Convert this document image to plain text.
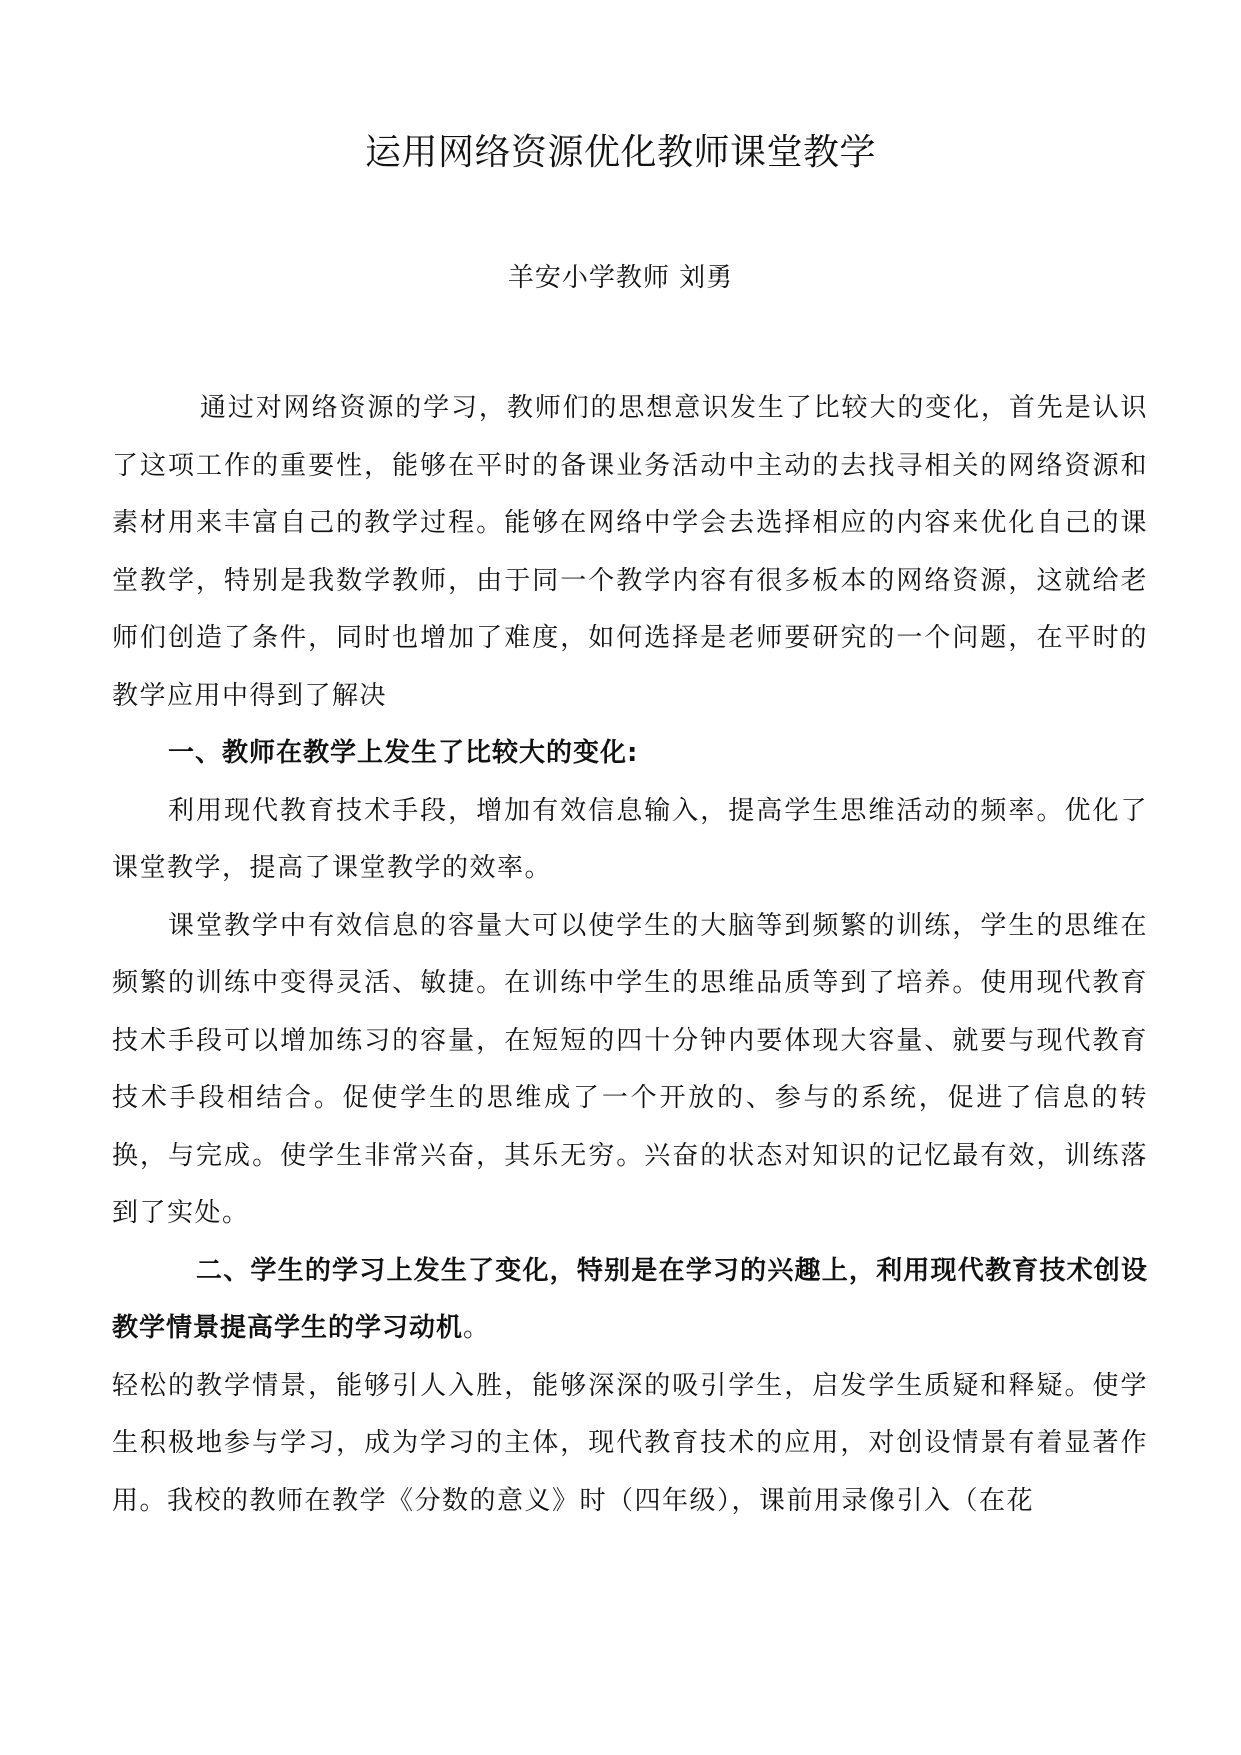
运用网络资源优化教师课堂教学
羊安小学教师 刘勇

通过对网络资源的学习，教师们的思想意识发生了比较大的变化，首先是认识了这项工作的重要性，能够在平时的备课业务活动中主动的去找寻相关的网络资源和素材用来丰富自己的教学过程。能够在网络中学会去选择相应的内容来优化自己的课堂教学，特别是我数学教师，由于同一个教学内容有很多板本的网络资源，这就给老师们创造了条件，同时也增加了难度，如何选择是老师要研究的一个问题，在平时的教学应用中得到了解决

一、教师在教学上发生了比较大的变化:

利用现代教育技术手段，增加有效信息输入，提高学生思维活动的频率。优化了课堂教学，提高了课堂教学的效率。

课堂教学中有效信息的容量大可以使学生的大脑等到频繁的训练，学生的思维在频繁的训练中变得灵活、敏捷。在训练中学生的思维品质等到了培养。使用现代教育技术手段可以增加练习的容量，在短短的四十分钟内要体现大容量、就要与现代教育技术手段相结合。促使学生的思维成了一个开放的、参与的系统，促进了信息的转换，与完成。使学生非常兴奋，其乐无穷。兴奋的状态对知识的记忆最有效，训练落到了实处。

二、学生的学习上发生了变化，特别是在学习的兴趣上，利用现代教育技术创设教学情景提高学生的学习动机。

轻松的教学情景，能够引人入胜，能够深深的吸引学生，启发学生质疑和释疑。使学生积极地参与学习，成为学习的主体，现代教育技术的应用，对创设情景有着显著作用。我校的教师在教学《分数的意义》时（四年级），课前用录像引入（在花
